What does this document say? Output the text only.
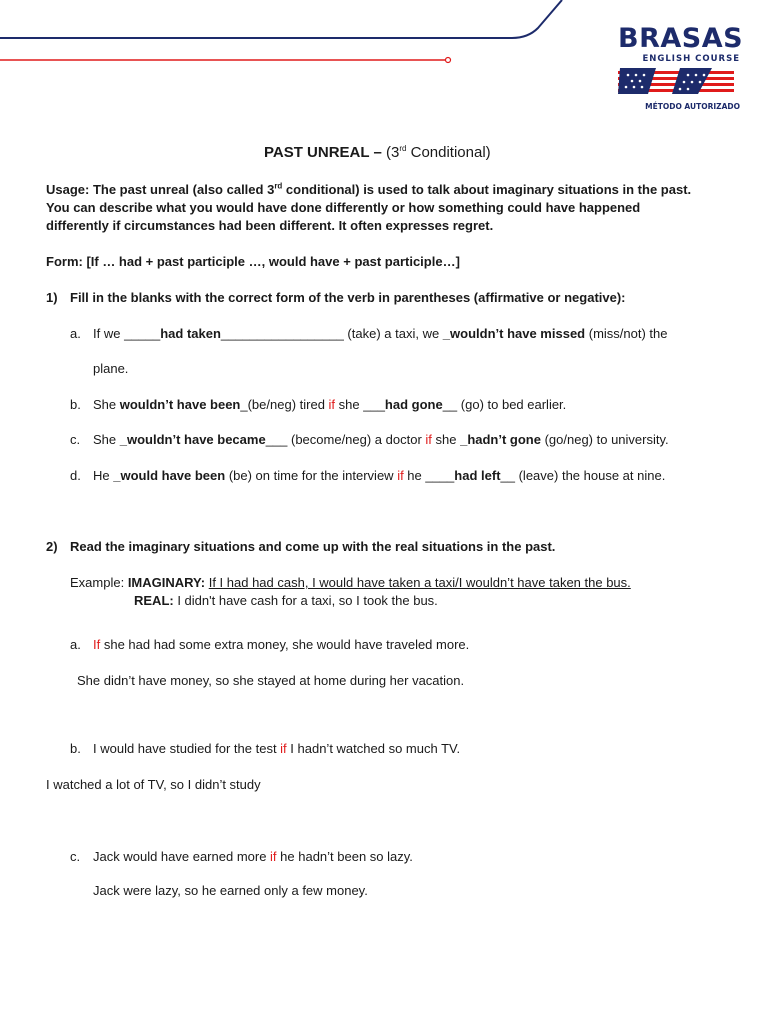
BRASAS
ENGLISH COURSE
MÉTODO AUTORIZADO
PAST UNREAL – (3rd Conditional)
Usage: The past unreal (also called 3rd conditional) is used to talk about imaginary situations in the past.
You can describe what you would have done differently or how something could have happened
differently if circumstances had been different. It often expresses regret.
Form: [If … had + past participle …, would have + past participle…]
1) Fill in the blanks with the correct form of the verb in parentheses (affirmative or negative):
a. If we _____had taken_________________ (take) a taxi, we _wouldn’t have missed (miss/not) the
plane.
b. She wouldn’t have been_(be/neg) tired if she ___had gone__ (go) to bed earlier.
c. She _wouldn’t have became___ (become/neg) a doctor if she _hadn’t gone (go/neg) to university.
d. He _would have been (be) on time for the interview if he ____had left__ (leave) the house at nine.
2) Read the imaginary situations and come up with the real situations in the past.
Example: IMAGINARY: If I had had cash, I would have taken a taxi/I wouldn’t have taken the bus.
REAL: I didn't have cash for a taxi, so I took the bus.
a. If she had had some extra money, she would have traveled more.
She didn’t have money, so she stayed at home during her vacation.
b. I would have studied for the test if I hadn’t watched so much TV.
I watched a lot of TV, so I didn’t study
c. Jack would have earned more if he hadn’t been so lazy.
Jack were lazy, so he earned only a few money.
